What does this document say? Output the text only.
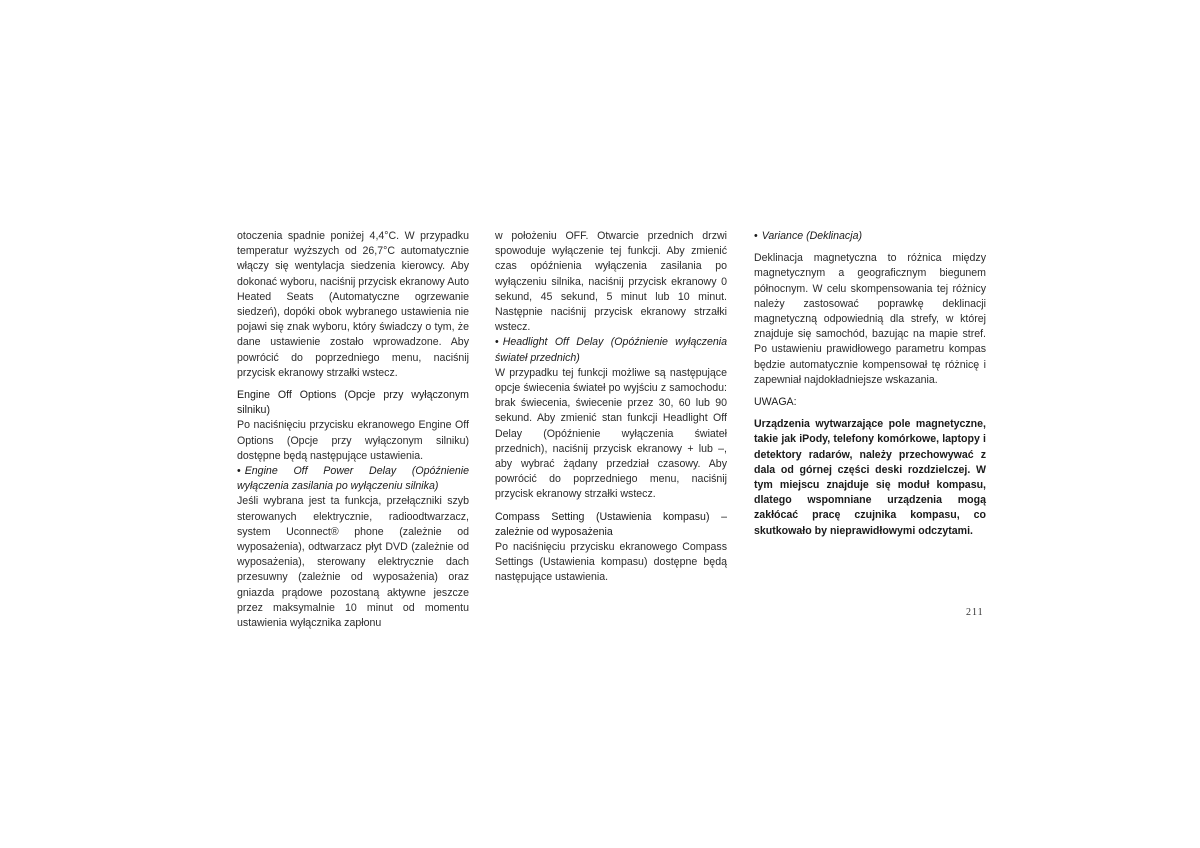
otoczenia spadnie poniżej 4,4°C. W przypadku temperatur wyższych od 26,7°C automatycznie włączy się wentylacja siedzenia kierowcy. Aby dokonać wyboru, naciśnij przycisk ekranowy Auto Heated Seats (Automatyczne ogrzewanie siedzeń), dopóki obok wybranego ustawienia nie pojawi się znak wyboru, który świadczy o tym, że dane ustawienie zostało wprowadzone. Aby powrócić do poprzedniego menu, naciśnij przycisk ekranowy strzałki wstecz.

Engine Off Options (Opcje przy wyłączonym silniku)

Po naciśnięciu przycisku ekranowego Engine Off Options (Opcje przy wyłączonym silniku) dostępne będą następujące ustawienia.

• Engine Off Power Delay (Opóźnienie wyłączenia zasilania po wyłączeniu silnika)

Jeśli wybrana jest ta funkcja, przełączniki szyb sterowanych elektrycznie, radioodtwarzacz, system Uconnect® phone (zależnie od wyposażenia), odtwarzacz płyt DVD (zależnie od wyposażenia), sterowany elektrycznie dach przesuwny (zależnie od wyposażenia) oraz gniazda prądowe pozostaną aktywne jeszcze przez maksymalnie 10 minut od momentu ustawienia wyłącznika zapłonu

w położeniu OFF. Otwarcie przednich drzwi spowoduje wyłączenie tej funkcji. Aby zmienić czas opóźnienia wyłączenia zasilania po wyłączeniu silnika, naciśnij przycisk ekranowy 0 sekund, 45 sekund, 5 minut lub 10 minut. Następnie naciśnij przycisk ekranowy strzałki wstecz.

• Headlight Off Delay (Opóźnienie wyłączenia świateł przednich)

W przypadku tej funkcji możliwe są następujące opcje świecenia świateł po wyjściu z samochodu: brak świecenia, świecenie przez 30, 60 lub 90 sekund. Aby zmienić stan funkcji Headlight Off Delay (Opóźnienie wyłączenia świateł przednich), naciśnij przycisk ekranowy + lub –, aby wybrać żądany przedział czasowy. Aby powrócić do poprzedniego menu, naciśnij przycisk ekranowy strzałki wstecz.

Compass Setting (Ustawienia kompasu) – zależnie od wyposażenia

Po naciśnięciu przycisku ekranowego Compass Settings (Ustawienia kompasu) dostępne będą następujące ustawienia.

• Variance (Deklinacja)

Deklinacja magnetyczna to różnica między magnetycznym a geograficznym biegunem północnym. W celu skompensowania tej różnicy należy zastosować poprawkę deklinacji magnetyczną odpowiednią dla strefy, w której znajduje się samochód, bazując na mapie stref. Po ustawieniu prawidłowego parametru kompas będzie automatycznie kompensował tę różnicę i zapewniał najdokładniejsze wskazania.

UWAGA:

Urządzenia wytwarzające pole magnetyczne, takie jak iPody, telefony komórkowe, laptopy i detektory radarów, należy przechowywać z dala od górnej części deski rozdzielczej. W tym miejscu znajduje się moduł kompasu, dlatego wspomniane urządzenia mogą zakłócać pracę czujnika kompasu, co skutkowało by nieprawidłowymi odczytami.

211
